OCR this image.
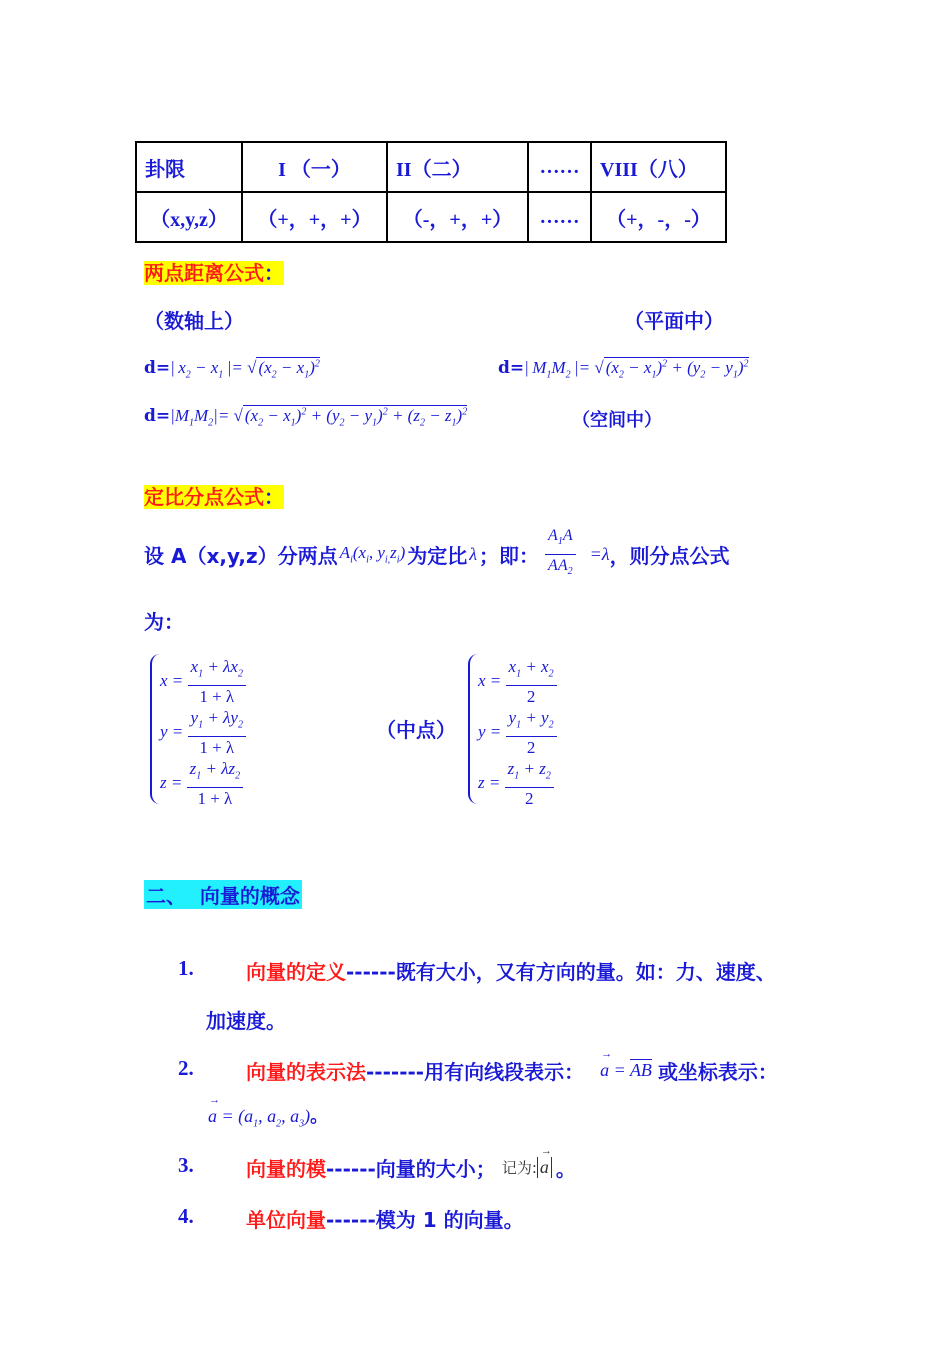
卦限	I （一）	II（二）	……	VIII（八）
（x,y,z）	（+，+，+）	（-，+，+）	……	（+，-，-）
两点距离公式：
（数轴上）	（平面中）
d=| $x_2 - x_1$ |= √ $(x_2 - x_1)^2$	d=| $M_1M_2$ |= √ $(x_2 - x_1)^2 + (y_2 - y_1)^2$
$d=|M_1M_2|=$ √ $(x_2 - x_1)^2 + (y_2 - y_1)^2 + (z_2 - z_1)^2$	（空间中）
定比分点公式：
设 A（x,y,z）分两点 $A_i(x_i$, $y_{i,}z_i$) 为定比 λ ；即： $\frac{A_1A}{AA_2} =\lambda$ ，则分点公式
为：
$x = \frac{x_1 + \lambda x_2}{1 + \lambda}$
$y = \frac{y_1 + \lambda y_2}{1 + \lambda}$
$z = \frac{z_1 + \lambda z_2}{1 + \lambda}$
（中点）
$x = \frac{x_1 + x_2}{2}$
$y = \frac{y_1 + y_2}{2}$
$z = \frac{z_1 + z_2}{2}$
二、  向量的概念
1.	向量的定义------既有大小，又有方向的量。如：力、速度、
加速度。
2.	向量的表示法 -------用有向线段表示： a
→
= AB 或坐标表示：
a
→
= ($a_1$, $a_2$, $a_3$)。
3.	向量的模 ------向量的大小； 记为: a
→
。
4.	单位向量------模为 1 的向量。
